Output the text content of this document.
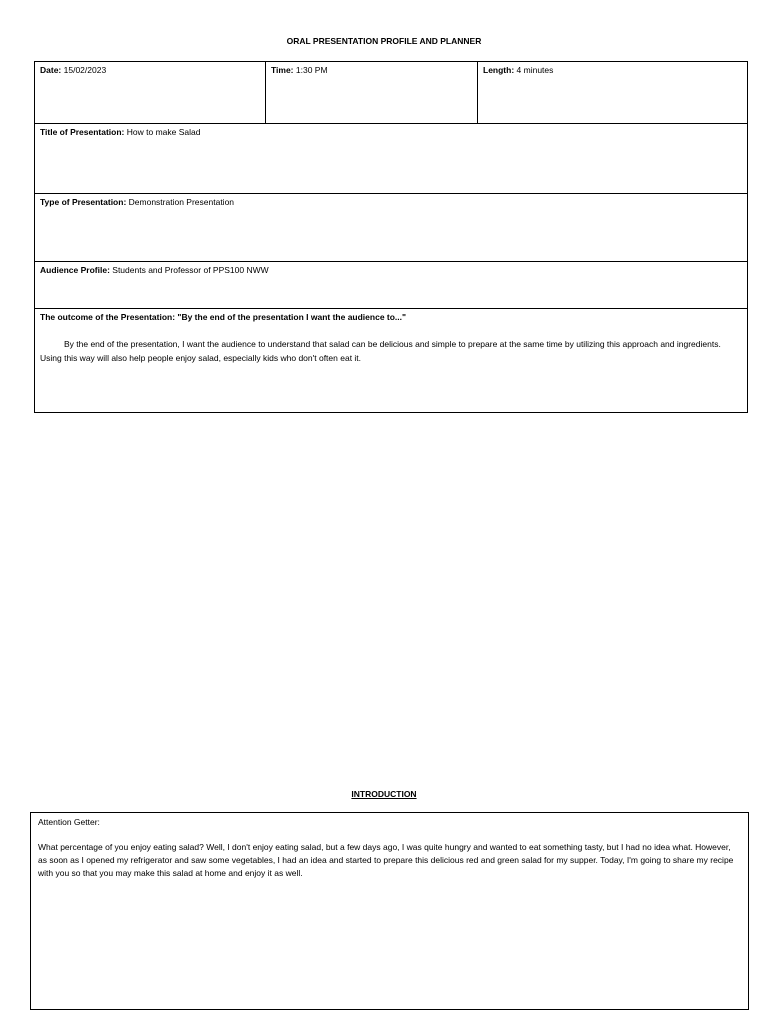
ORAL PRESENTATION PROFILE AND PLANNER
Date: 15/02/2023	Time: 1:30 PM	Length: 4 minutes
Title of Presentation: How to make Salad
Type of Presentation: Demonstration Presentation
Audience Profile: Students and Professor of PPS100 NWW

The outcome of the Presentation: "By the end of the presentation I want the audience to..."
By the end of the presentation, I want the audience to understand that salad can be delicious and simple to prepare at the same time by utilizing this approach and ingredients. Using this way will also help people enjoy salad, especially kids who don't often eat it.
INTRODUCTION

Attention Getter:

What percentage of you enjoy eating salad? Well, I don't enjoy eating salad, but a few days ago, I was quite hungry and wanted to eat something tasty, but I had no idea what. However, as soon as I opened my refrigerator and saw some vegetables, I had an idea and started to prepare this delicious red and green salad for my supper. Today, I'm going to share my recipe with you so that you may make this salad at home and enjoy it as well.
